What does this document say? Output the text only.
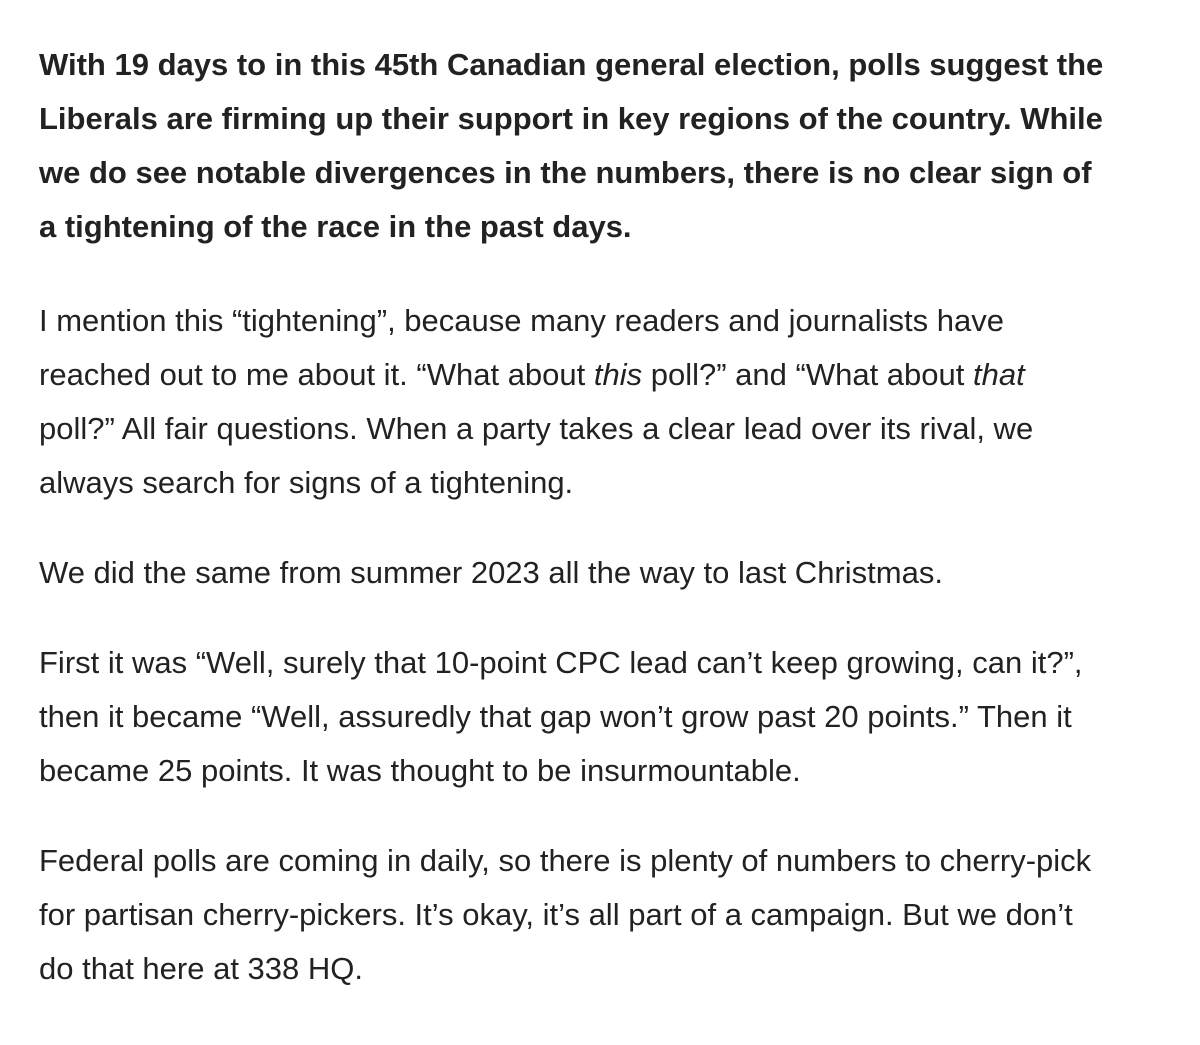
With 19 days to in this 45th Canadian general election, polls suggest the
Liberals are firming up their support in key regions of the country. While
we do see notable divergences in the numbers, there is no clear sign of
a tightening of the race in the past days.

I mention this “tightening”, because many readers and journalists have
reached out to me about it. “What about this poll?” and “What about that
poll?” All fair questions. When a party takes a clear lead over its rival, we
always search for signs of a tightening.

We did the same from summer 2023 all the way to last Christmas.

First it was “Well, surely that 10-point CPC lead can’t keep growing, can it?”,
then it became “Well, assuredly that gap won’t grow past 20 points.” Then it
became 25 points. It was thought to be insurmountable.

Federal polls are coming in daily, so there is plenty of numbers to cherry-pick
for partisan cherry-pickers. It’s okay, it’s all part of a campaign. But we don’t
do that here at 338 HQ.
